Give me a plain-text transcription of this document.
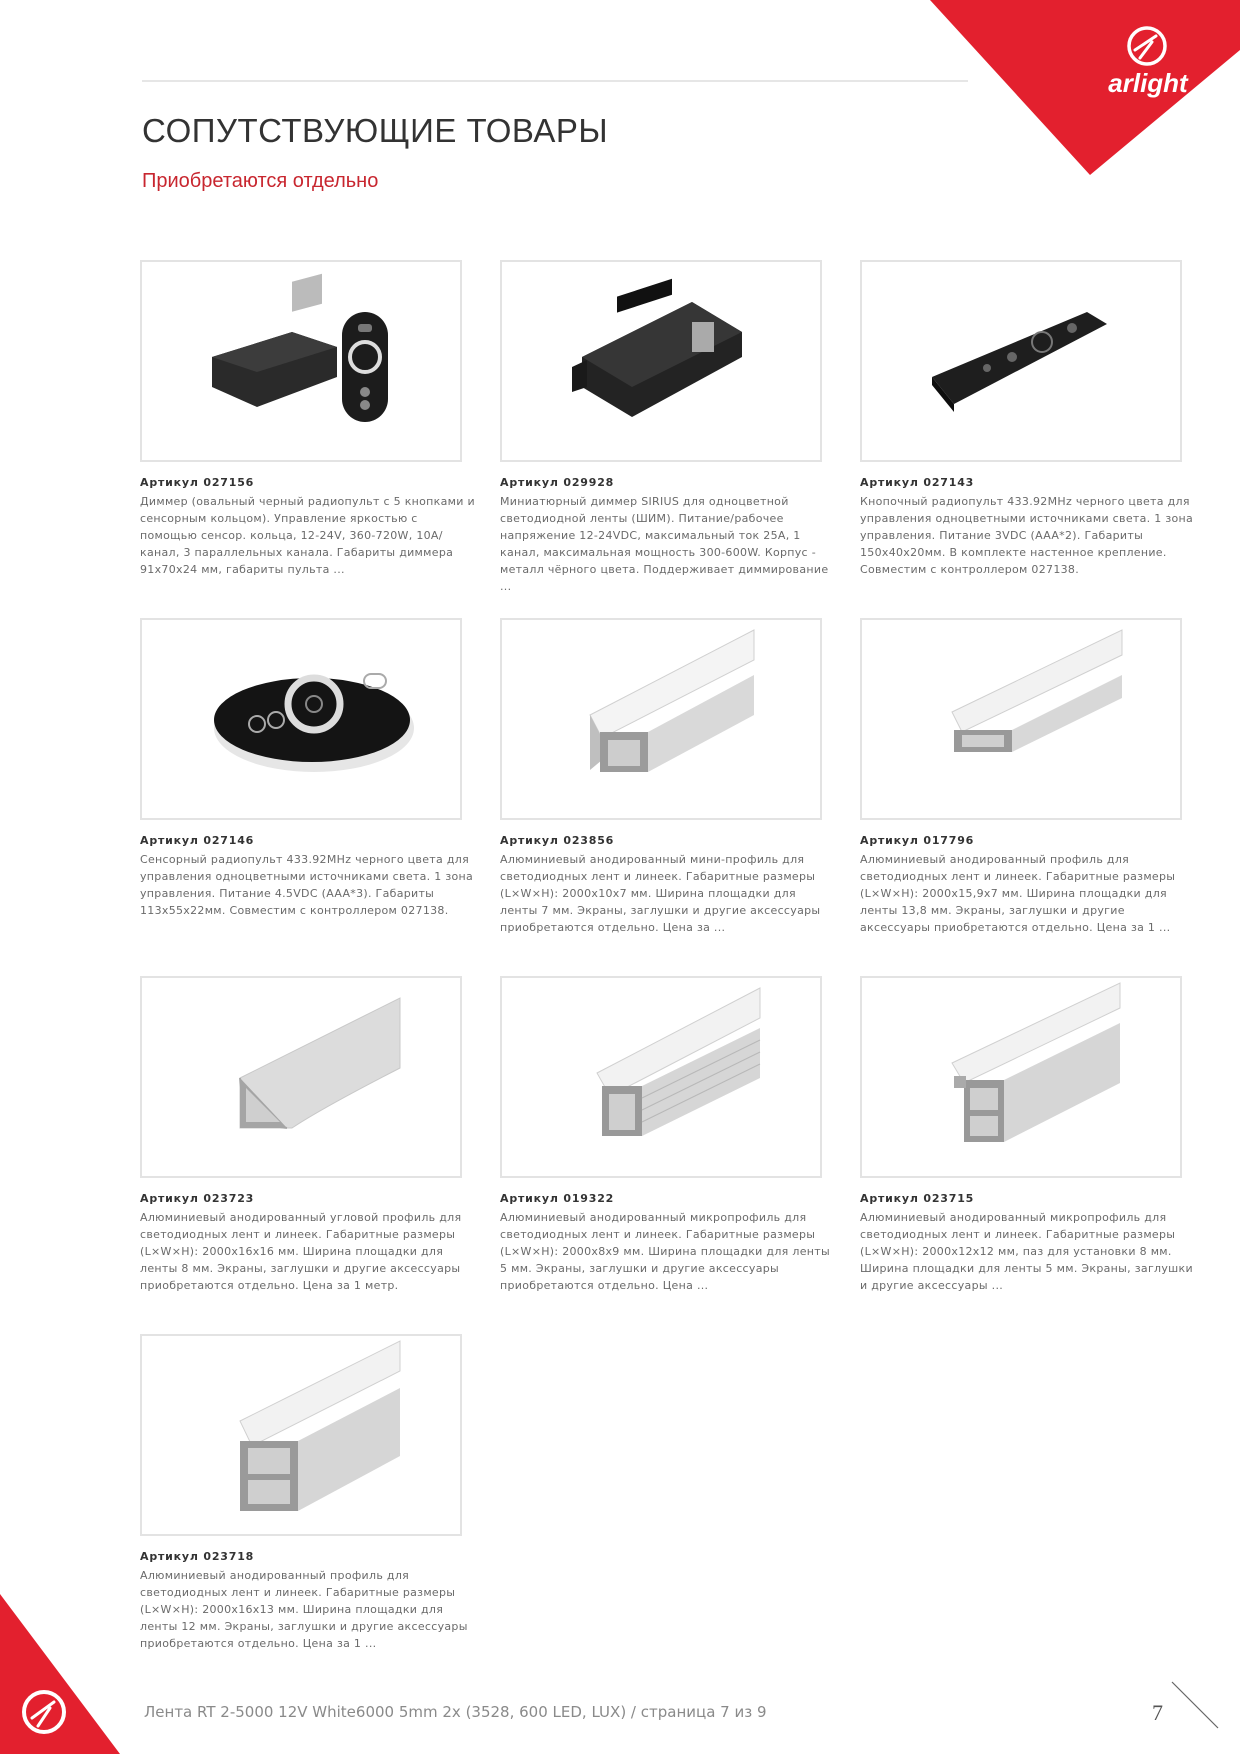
arlight
СОПУТСТВУЮЩИЕ ТОВАРЫ
Приобретаются отдельно
Артикул 027156
Диммер (овальный черный радиопульт с 5 кнопками и сенсорным кольцом). Управление яркостью с помощью сенсор. кольца, 12-24V, 360-720W, 10A/канал, 3 параллельных канала. Габариты диммера 91x70x24 мм, габариты пульта ...
Артикул 029928
Миниатюрный диммер SIRIUS для одноцветной светодиодной ленты (ШИМ). Питание/рабочее напряжение 12-24VDC, максимальный ток 25А, 1 канал, максимальная мощность 300-600W. Корпус - металл чёрного цвета. Поддерживает диммирование ...
Артикул 027143
Кнопочный радиопульт 433.92MHz черного цвета для управления одноцветными источниками света. 1 зона управления. Питание 3VDC (AAA*2). Габариты 150x40x20мм. В комплекте настенное крепление. Совместим с контроллером 027138.
Артикул 027146
Сенсорный радиопульт 433.92MHz черного цвета для управления одноцветными источниками света. 1 зона управления. Питание 4.5VDC (AAA*3). Габариты 113x55x22мм. Совместим с контроллером 027138.
Артикул 023856
Алюминиевый анодированный мини-профиль для светодиодных лент и линеек. Габаритные размеры (L×W×H): 2000x10x7 мм. Ширина площадки для ленты 7 мм. Экраны, заглушки и другие аксессуары приобретаются отдельно. Цена за ...
Артикул 017796
Алюминиевый анодированный профиль для светодиодных лент и линеек. Габаритные размеры (L×W×H): 2000x15,9x7 мм. Ширина площадки для ленты 13,8 мм. Экраны, заглушки и другие аксессуары приобретаются отдельно. Цена за 1 ...
Артикул 023723
Алюминиевый анодированный угловой профиль для светодиодных лент и линеек. Габаритные размеры (L×W×H): 2000x16x16 мм. Ширина площадки для ленты 8 мм. Экраны, заглушки и другие аксессуары приобретаются отдельно. Цена за 1 метр.
Артикул 019322
Алюминиевый анодированный микропрофиль для светодиодных лент и линеек. Габаритные размеры (L×W×H): 2000x8x9 мм. Ширина площадки для ленты 5 мм. Экраны, заглушки и другие аксессуары приобретаются отдельно. Цена ...
Артикул 023715
Алюминиевый анодированный микропрофиль для светодиодных лент и линеек. Габаритные размеры (L×W×H): 2000x12x12 мм, паз для установки 8 мм. Ширина площадки для ленты 5 мм. Экраны, заглушки и другие аксессуары ...
Артикул 023718
Алюминиевый анодированный профиль для светодиодных лент и линеек. Габаритные размеры (L×W×H): 2000x16x13 мм. Ширина площадки для ленты 12 мм. Экраны, заглушки и другие аксессуары приобретаются отдельно. Цена за 1 ...
Лента RT 2-5000 12V White6000 5mm 2x (3528, 600 LED, LUX) / страница 7 из 9	7
